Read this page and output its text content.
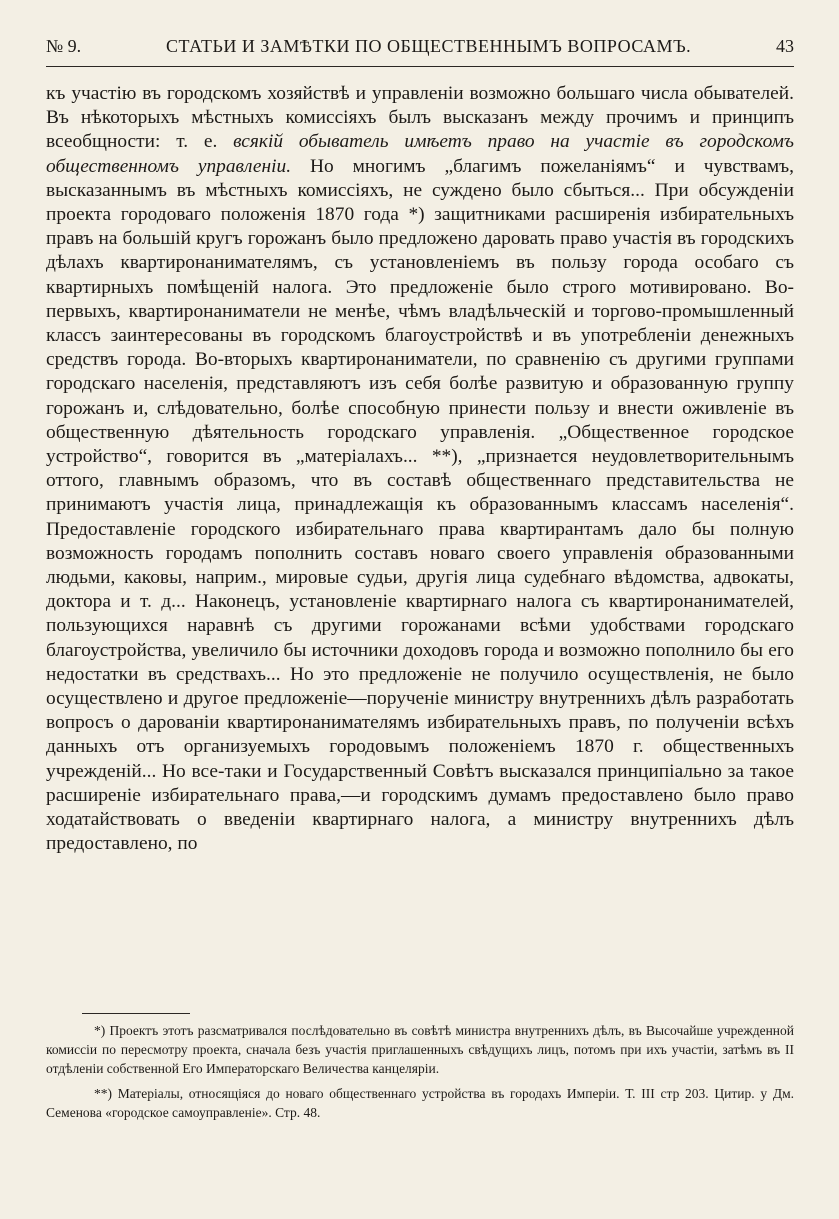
№ 9.	СТАТЬИ И ЗАМѢТКИ ПО ОБЩЕСТВЕННЫМЪ ВОПРОСАМЪ.	43

къ участію въ городскомъ хозяйствѣ и управленіи возможно большаго числа обывателей. Въ нѣкоторыхъ мѣстныхъ комиссіяхъ былъ высказанъ между прочимъ и принципъ всеобщности: т. е. всякій обыватель имѣетъ право на участіе въ городскомъ общественномъ управленіи. Но многимъ „благимъ пожеланіямъ“ и чувствамъ, высказаннымъ въ мѣстныхъ комиссіяхъ, не суждено было сбыться... При обсужденіи проекта городоваго положенія 1870 года *) защитниками расширенія избирательныхъ правъ на большій кругъ горожанъ было предложено даровать право участія въ городскихъ дѣлахъ квартиронанимателямъ, съ установленіемъ въ пользу города особаго съ квартирныхъ помѣщеній налога. Это предложеніе было строго мотивировано. Во-первыхъ, квартиронаниматели не менѣе, чѣмъ владѣльческій и торгово-промышленный классъ заинтересованы въ городскомъ благоустройствѣ и въ употребленіи денежныхъ средствъ города. Во-вторыхъ квартиронаниматели, по сравненію съ другими группами городскаго населенія, представляютъ изъ себя болѣе развитую и образованную группу горожанъ и, слѣдовательно, болѣе способную принести пользу и внести оживленіе въ общественную дѣятельность городскаго управленія. „Общественное городское устройство“, говорится въ „матеріалахъ... **), „признается неудовлетворительнымъ оттого, главнымъ образомъ, что въ составѣ общественнаго представительства не принимаютъ участія лица, принадлежащія къ образованнымъ классамъ населенія“. Предоставленіе городского избирательнаго права квартирантамъ дало бы полную возможность городамъ пополнить составъ новаго своего управленія образованными людьми, каковы, наприм., мировые судьи, другія лица судебнаго вѣдомства, адвокаты, доктора и т. д... Наконецъ, установленіе квартирнаго налога съ квартиронанимателей, пользующихся наравнѣ съ другими горожанами всѣми удобствами городскаго благоустройства, увеличило бы источники доходовъ города и возможно пополнило бы его недостатки въ средствахъ... Но это предложеніе не получило осуществленія, не было осуществлено и другое предложеніе—порученіе министру внутреннихъ дѣлъ разработать вопросъ о дарованіи квартиронанимателямъ избирательныхъ правъ, по полученіи всѣхъ данныхъ отъ организуемыхъ городовымъ положеніемъ 1870 г. общественныхъ учрежденій... Но все-таки и Государственный Совѣтъ высказался принципіально за такое расширеніе избирательнаго права,—и городскимъ думамъ предоставлено было право ходатайствовать о введеніи квартирнаго налога, а министру внутреннихъ дѣлъ предоставлено, по

*) Проектъ этотъ разсматривался послѣдовательно въ совѣтѣ министра внутреннихъ дѣлъ, въ Высочайше учрежденной комиссіи по пересмотру проекта, сначала безъ участія приглашенныхъ свѣдущихъ лицъ, потомъ при ихъ участіи, затѣмъ въ II отдѣленіи собственной Его Императорскаго Величества канцеляріи.

**) Матеріалы, относящіяся до новаго общественнаго устройства въ городахъ Имперіи. Т. III стр 203. Цитир. у Дм. Семенова «городское самоуправленіе». Стр. 48.
